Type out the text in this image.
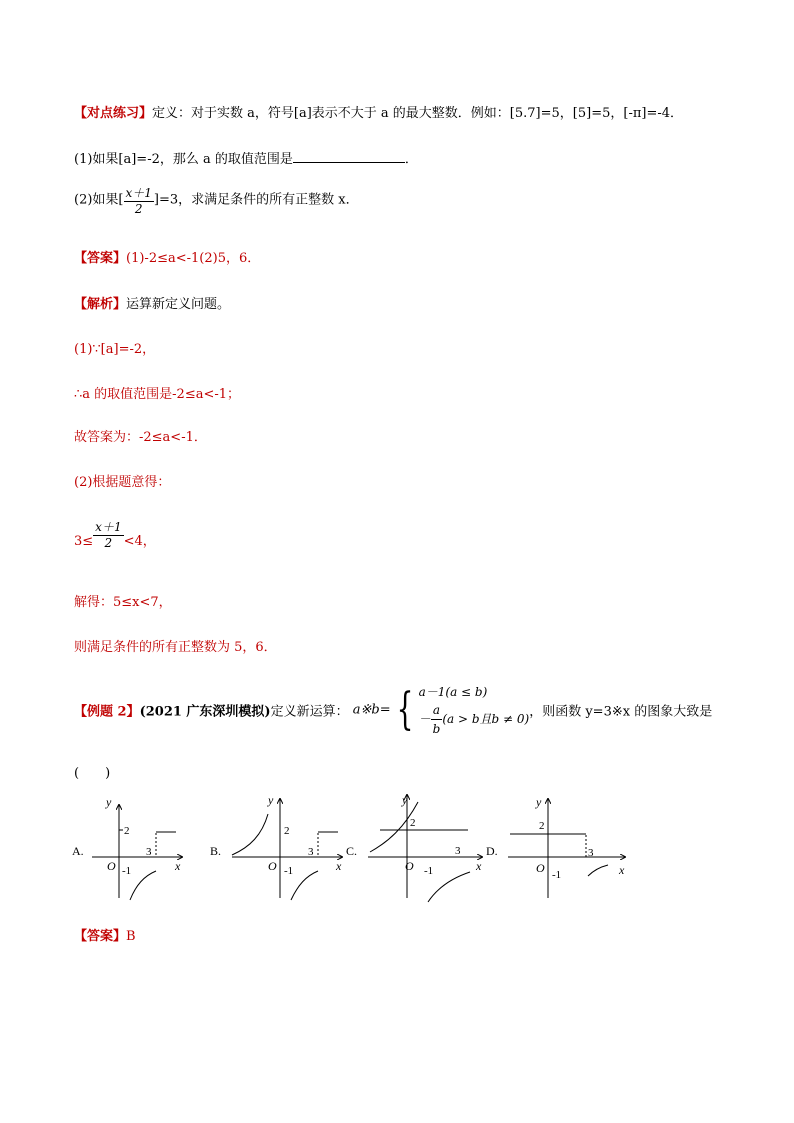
【对点练习】定义：对于实数 a，符号[a]表示不大于 a 的最大整数．例如：[5.7]=5，[5]=5，[-π]=-4．
(1)如果[a]=-2，那么 a 的取值范围是	．
(2)如果[ $\frac{x+1}{2} ]=3$，求满足条件的所有正整数 x．
【答案】(1)-2≤a<-1(2)5，6．
【解析】运算新定义问题。
(1)∵[a]=-2，
∴a 的取值范围是-2≤a<-1；
故答案为：-2≤a<-1．
(2)根据题意得：
$3\le \frac{x+1}{2} <4$，
解得：5≤x<7，
则满足条件的所有正整数为 5，6．
【例题 2】(2021 广东深圳模拟)定义新运算： a※b= { a－1(a ≤ b)
－ $\frac{a}{b} (a > b$且b ≠ 0) ，则函数 y=3※x 的图象大致是
(　　)
A.
y
x
O
2
3
-1
B.
y
x
O
2
3
-1
C.
y
x
O
2
3
-1
D.
y
x
O
2
3
-1
【答案】B
